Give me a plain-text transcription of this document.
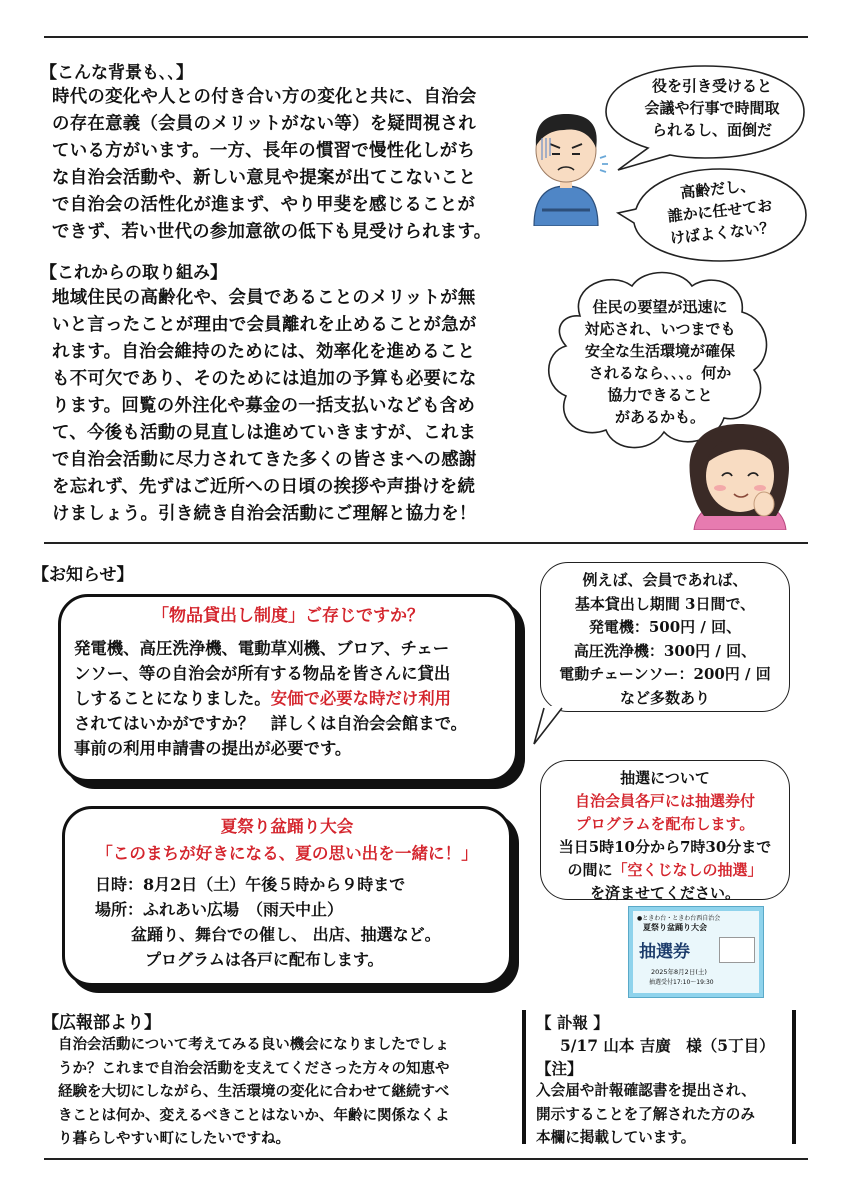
【こんな背景も､､】
時代の変化や人との付き合い方の変化と共に、自治会
の存在意義（会員のメリットがない等）を疑問視され
ている方がいます。一方、長年の慣習で慢性化しがち
な自治会活動や、新しい意見や提案が出てこないこと
で自治会の活性化が進まず、やり甲斐を感じることが
できず、若い世代の参加意欲の低下も見受けられます。
【これからの取り組み】
地域住民の高齢化や、会員であることのメリットが無
いと言ったことが理由で会員離れを止めることが急が
れます。自治会維持のためには、効率化を進めること
も不可欠であり、そのためには追加の予算も必要にな
ります。回覧の外注化や募金の一括支払いなども含め
て、今後も活動の見直しは進めていきますが、これま
で自治会活動に尽力されてきた多くの皆さまへの感謝
を忘れず、先ずはご近所への日頃の挨拶や声掛けを続
けましょう。引き続き自治会活動にご理解と協力を！
役を引き受けると
会議や行事で時間取
られるし、面倒だ
高齢だし、
誰かに任せてお
けばよくない？
住民の要望が迅速に
対応され、いつまでも
安全な生活環境が確保
されるなら､､､。何か
協力できること
があるかも。
【お知らせ】
「物品貸出し制度」ご存じですか？
発電機、高圧洗浄機、電動草刈機、ブロア、チェー
ンソー、等の自治会が所有する物品を皆さんに貸出
しすることになりました。安価で必要な時だけ利用
されてはいかがですか？　詳しくは自治会会館まで。
事前の利用申請書の提出が必要です。
例えば、会員であれば、
基本貸出し期間 3日間で、
発電機：500円 / 回、
高圧洗浄機：300円 / 回、
電動チェーンソー：200円 / 回
など多数あり
夏祭り盆踊り大会
「このまちが好きになる、夏の思い出を一緒に！」
日時：8月2日（土）午後５時から９時まで
場所：ふれあい広場　（雨天中止）
盆踊り、舞台での催し、 出店、抽選など。
プログラムは各戸に配布します。
抽選について
自治会員各戸には抽選券付
プログラムを配布します。
当日5時10分から7時30分まで
の間に「空くじなしの抽選」
を済ませてください。
●ときわ台・ときわ台西自治会
夏祭り盆踊り大会
抽選券
2025年8月2日(土)
抽選受付17:10〜19:30
【広報部より】
自治会活動について考えてみる良い機会になりましたでしょ
うか？これまで自治会活動を支えてくださった方々の知恵や
経験を大切にしながら、生活環境の変化に合わせて継続すべ
きことは何か、変えるべきことはないか、年齢に関係なくよ
り暮らしやすい町にしたいですね。
【 訃報 】
5/17 山本 吉廣　様（5丁目）
【注】
入会届や計報確認書を提出され、
開示することを了解された方のみ
本欄に掲載しています。
